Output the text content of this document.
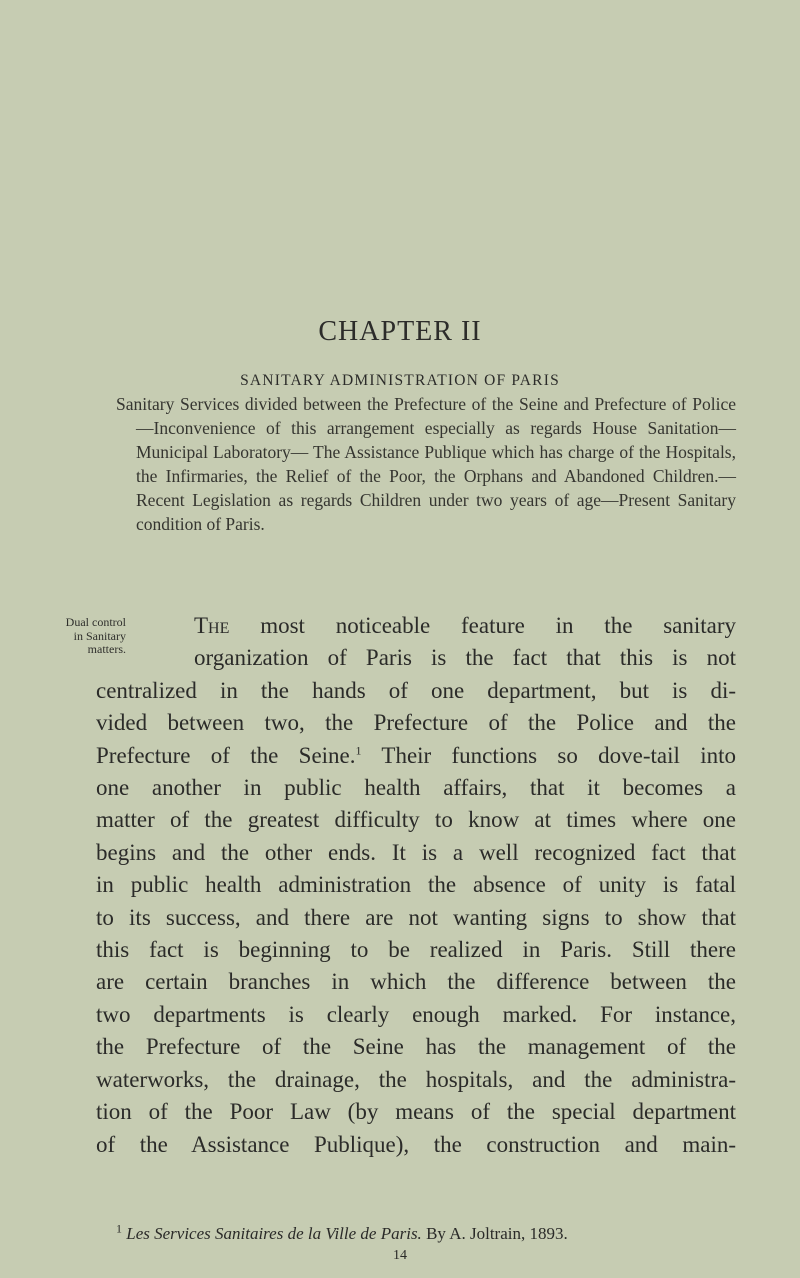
CHAPTER II
SANITARY ADMINISTRATION OF PARIS
Sanitary Services divided between the Prefecture of the Seine and Prefecture of Police—Inconvenience of this arrangement especially as regards House Sanitation—Municipal Laboratory— The Assistance Publique which has charge of the Hospitals, the Infirmaries, the Relief of the Poor, the Orphans and Abandoned Children.— Recent Legislation as regards Children under two years of age—Present Sanitary condition of Paris.
Dual control
in Sanitary
matters.
The most noticeable feature in the sanitary
organization of Paris is the fact that this is not
centralized in the hands of one department, but is di-
vided between two, the Prefecture of the Police and the
Prefecture of the Seine.$^1$ Their functions so dove-tail into
one another in public health affairs, that it becomes a
matter of the greatest difficulty to know at times where one
begins and the other ends. It is a well recognized fact that
in public health administration the absence of unity is fatal
to its success, and there are not wanting signs to show that
this fact is beginning to be realized in Paris. Still there
are certain branches in which the difference between the
two departments is clearly enough marked. For instance,
the Prefecture of the Seine has the management of the
waterworks, the drainage, the hospitals, and the administra-
tion of the Poor Law (by means of the special department
of the Assistance Publique), the construction and main-
$^1$ Les Services Sanitaires de la Ville de Paris. By A. Joltrain, 1893.
14
